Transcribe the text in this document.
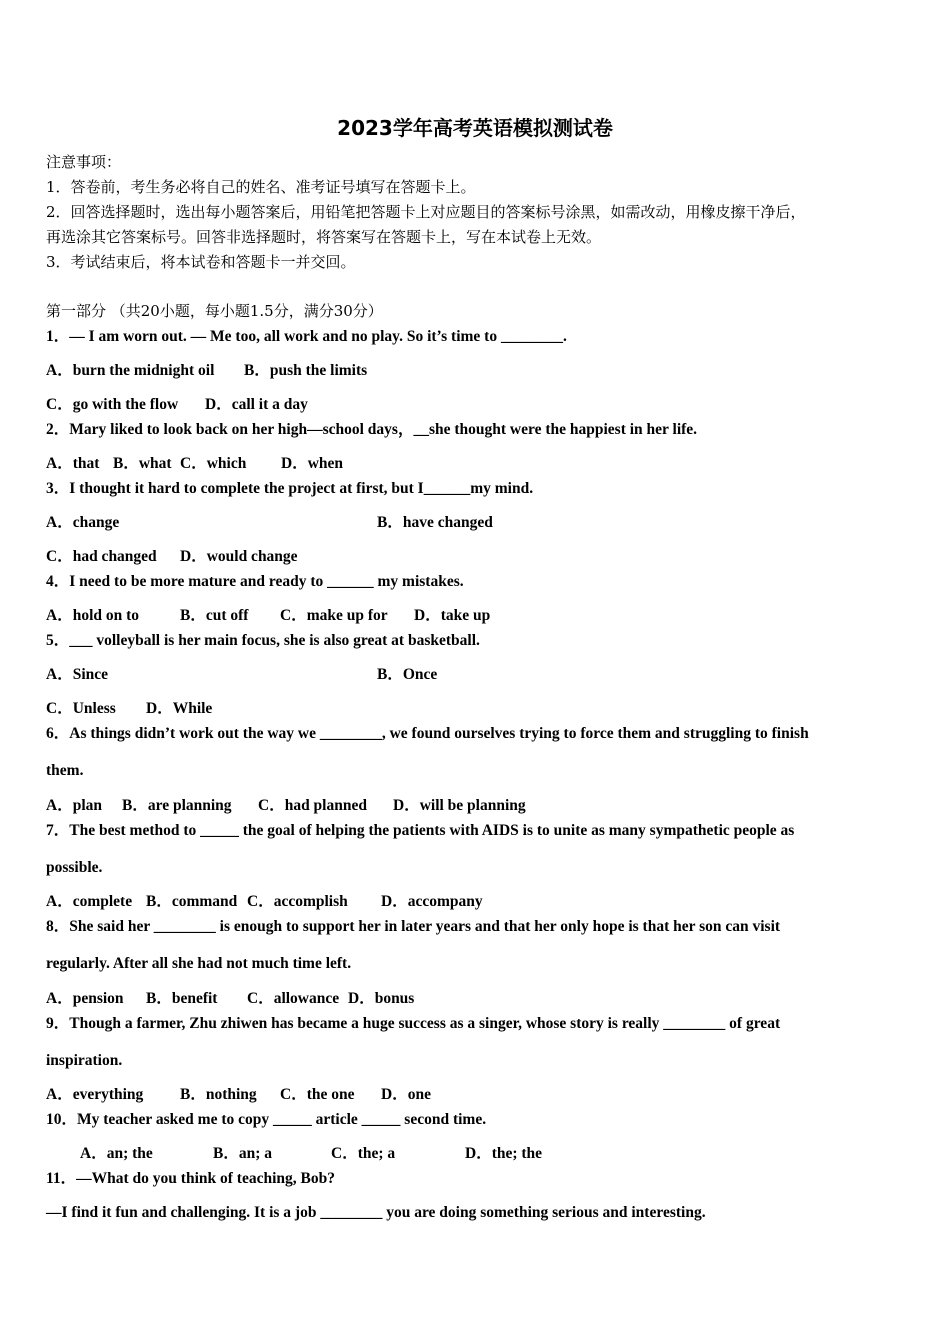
2023学年高考英语模拟测试卷
注意事项：
1．答卷前，考生务必将自己的姓名、准考证号填写在答题卡上。
2．回答选择题时，选出每小题答案后，用铅笔把答题卡上对应题目的答案标号涂黑，如需改动，用橡皮擦干净后，
再选涂其它答案标号。回答非选择题时，将答案写在答题卡上，写在本试卷上无效。
3．考试结束后，将本试卷和答题卡一并交回。
第一部分 （共20小题，每小题1.5分，满分30分）
1．— I am worn out. — Me too, all work and no play. So it’s time to ________.
A．burn the midnight oil B．push the limits
C．go with the flow D．call it a day
2．Mary liked to look back on her high—school days，__she thought were the happiest in her life.
A．that B．what C．which D．when
3．I thought it hard to complete the project at first, but I______my mind.
A．change	B．have changed
C．had changed D．would change
4．I need to be more mature and ready to ______ my mistakes.
A．hold on to	B．cut off C．make up for D．take up
5．___ volleyball is her main focus, she is also great at basketball.
A．Since	B．Once
C．Unless D．While
6．As things didn’t work out the way we ________, we found ourselves trying to force them and struggling to finish
them.
A．plan B．are planning C．had planned D．will be planning
7．The best method to _____ the goal of helping the patients with AIDS is to unite as many sympathetic people as
possible.
A．complete B．command C．accomplish D．accompany
8．She said her ________ is enough to support her in later years and that her only hope is that her son can visit
regularly. After all she had not much time left.
A．pension B．benefit C．allowance D．bonus
9．Though a farmer, Zhu zhiwen has became a huge success as a singer, whose story is really ________ of great
inspiration.
A．everything B．nothing C．the one D．one
10．My teacher asked me to copy _____ article _____ second time.
A．an; the	B．an; a	C．the; a	D．the; the
11．—What do you think of teaching, Bob?
—I find it fun and challenging. It is a job ________ you are doing something serious and interesting.
